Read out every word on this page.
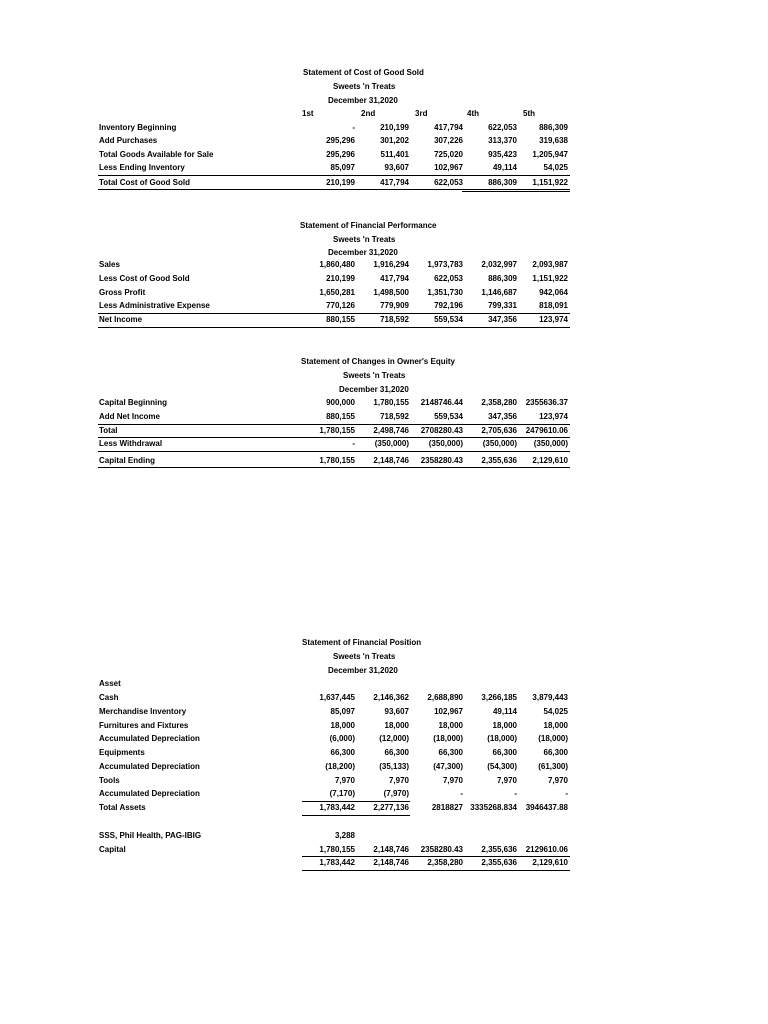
Statement of Cost of Good Sold
Sweets 'n Treats
December 31,2020
1st	2nd	3rd	4th	5th
Inventory Beginning	-	210,199	417,794	622,053	886,309
Add Purchases	295,296	301,202	307,226	313,370	319,638
Total Goods Available for Sale	295,296	511,401	725,020	935,423 1,205,947
Less Ending Inventory	85,097	93,607	102,967	49,114	54,025
Total Cost of Good Sold	210,199	417,794	622,053	886,309 1,151,922
Statement of Financial Performance
Sweets 'n Treats
December 31,2020
Sales	1,860,480 1,916,294 1,973,783 2,032,997 2,093,987
Less Cost of Good Sold	210,199	417,794	622,053	886,309 1,151,922
Gross Profit	1,650,281 1,498,500 1,351,730 1,146,687	942,064
Less Administrative Expense	770,126	779,909	792,196	799,331	818,091
Net Income	880,155	718,592	559,534	347,356	123,974
Statement of Changes in Owner's Equity
Sweets 'n Treats
December 31,2020
Capital Beginning	900,000 1,780,155 2148746.44 2,358,280 2355636.37
Add Net Income	880,155	718,592	559,534	347,356	123,974
Total	1,780,155 2,498,746 2708280.43 2,705,636 2479610.06
Less Withdrawal	- (350,000) (350,000) (350,000) (350,000)
Capital Ending	1,780,155 2,148,746 2358280.43 2,355,636 2,129,610
Statement of Financial Position
Sweets 'n Treats
December 31,2020
Asset
Cash	1,637,445 2,146,362 2,688,890 3,266,185 3,879,443
Merchandise Inventory	85,097	93,607	102,967	49,114	54,025
Furnitures and Fixtures	18,000	18,000	18,000	18,000	18,000
Accumulated Depreciation	(6,000)	(12,000)	(18,000)	(18,000)	(18,000)
Equipments	66,300	66,300	66,300	66,300	66,300
Accumulated Depreciation	(18,200)	(35,133)	(47,300)	(54,300)	(61,300)
Tools	7,970	7,970	7,970	7,970	7,970
Accumulated Depreciation	(7,170)	(7,970)	-	-	-
Total Assets	1,783,442 2,277,136	2818827 3335268.834 3946437.88
SSS, Phil Health, PAG-IBIG	3,288
Capital	1,780,155 2,148,746 2358280.43 2,355,636 2129610.06
1,783,442 2,148,746 2,358,280 2,355,636 2,129,610
